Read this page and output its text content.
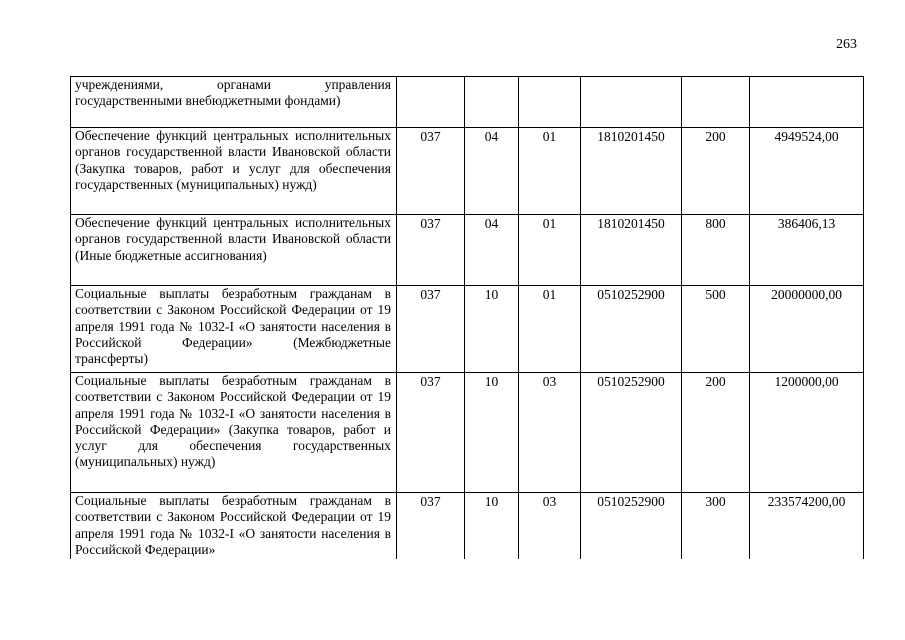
263
учреждениями, органами управления государственными внебюджетными фондами)						
Обеспечение функций центральных исполнительных органов государственной власти Ивановской области (Закупка товаров, работ и услуг для обеспечения государственных (муниципальных) нужд)	037	04	01	1810201450	200	4949524,00
Обеспечение функций центральных исполнительных органов государственной власти Ивановской области (Иные бюджетные ассигнования)	037	04	01	1810201450	800	386406,13
Социальные выплаты безработным гражданам в соответствии с Законом Российской Федерации от 19 апреля 1991 года № 1032-I «О занятости населения в Российской Федерации» (Межбюджетные трансферты)	037	10	01	0510252900	500	20000000,00
Социальные выплаты безработным гражданам в соответствии с Законом Российской Федерации от 19 апреля 1991 года № 1032-I «О занятости населения в Российской Федерации» (Закупка товаров, работ и услуг для обеспечения государственных (муниципальных) нужд)	037	10	03	0510252900	200	1200000,00

Социальные выплаты безработным гражданам в соответствии с Законом Российской Федерации от 19 апреля 1991 года № 1032-I «О занятости населения в Российской Федерации»	037	10	03	0510252900	300	233574200,00
